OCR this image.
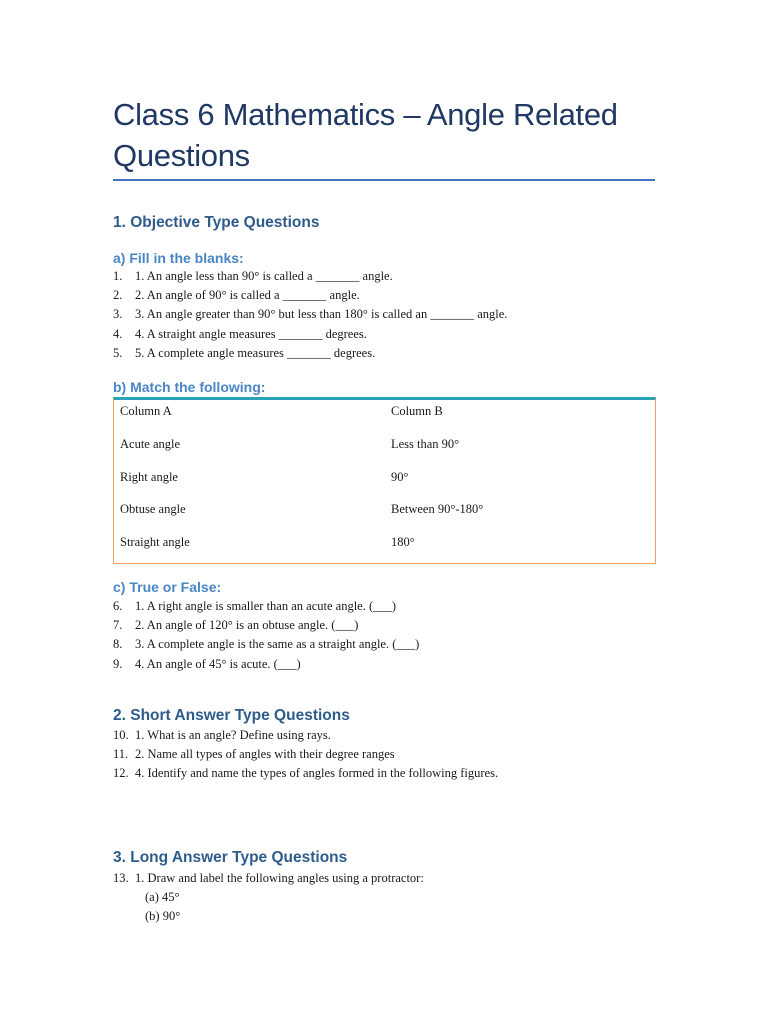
Class 6 Mathematics – Angle Related Questions
1. Objective Type Questions
a) Fill in the blanks:
1. 1. An angle less than 90° is called a _______ angle.
2. 2. An angle of 90° is called a _______ angle.
3. 3. An angle greater than 90° but less than 180° is called an _______ angle.
4. 4. A straight angle measures _______ degrees.
5. 5. A complete angle measures _______ degrees.
b) Match the following:
Column A	Column B
Acute angle	Less than 90°
Right angle	90°
Obtuse angle	Between 90°-180°
Straight angle	180°
c) True or False:
6. 1. A right angle is smaller than an acute angle. (___)
7. 2. An angle of 120° is an obtuse angle. (___)
8. 3. A complete angle is the same as a straight angle. (___)
9. 4. An angle of 45° is acute. (___)
2. Short Answer Type Questions
10. 1. What is an angle? Define using rays.
11. 2. Name all types of angles with their degree ranges
12. 4. Identify and name the types of angles formed in the following figures.
3. Long Answer Type Questions
13. 1. Draw and label the following angles using a protractor:

(a) 45°

(b) 90°
